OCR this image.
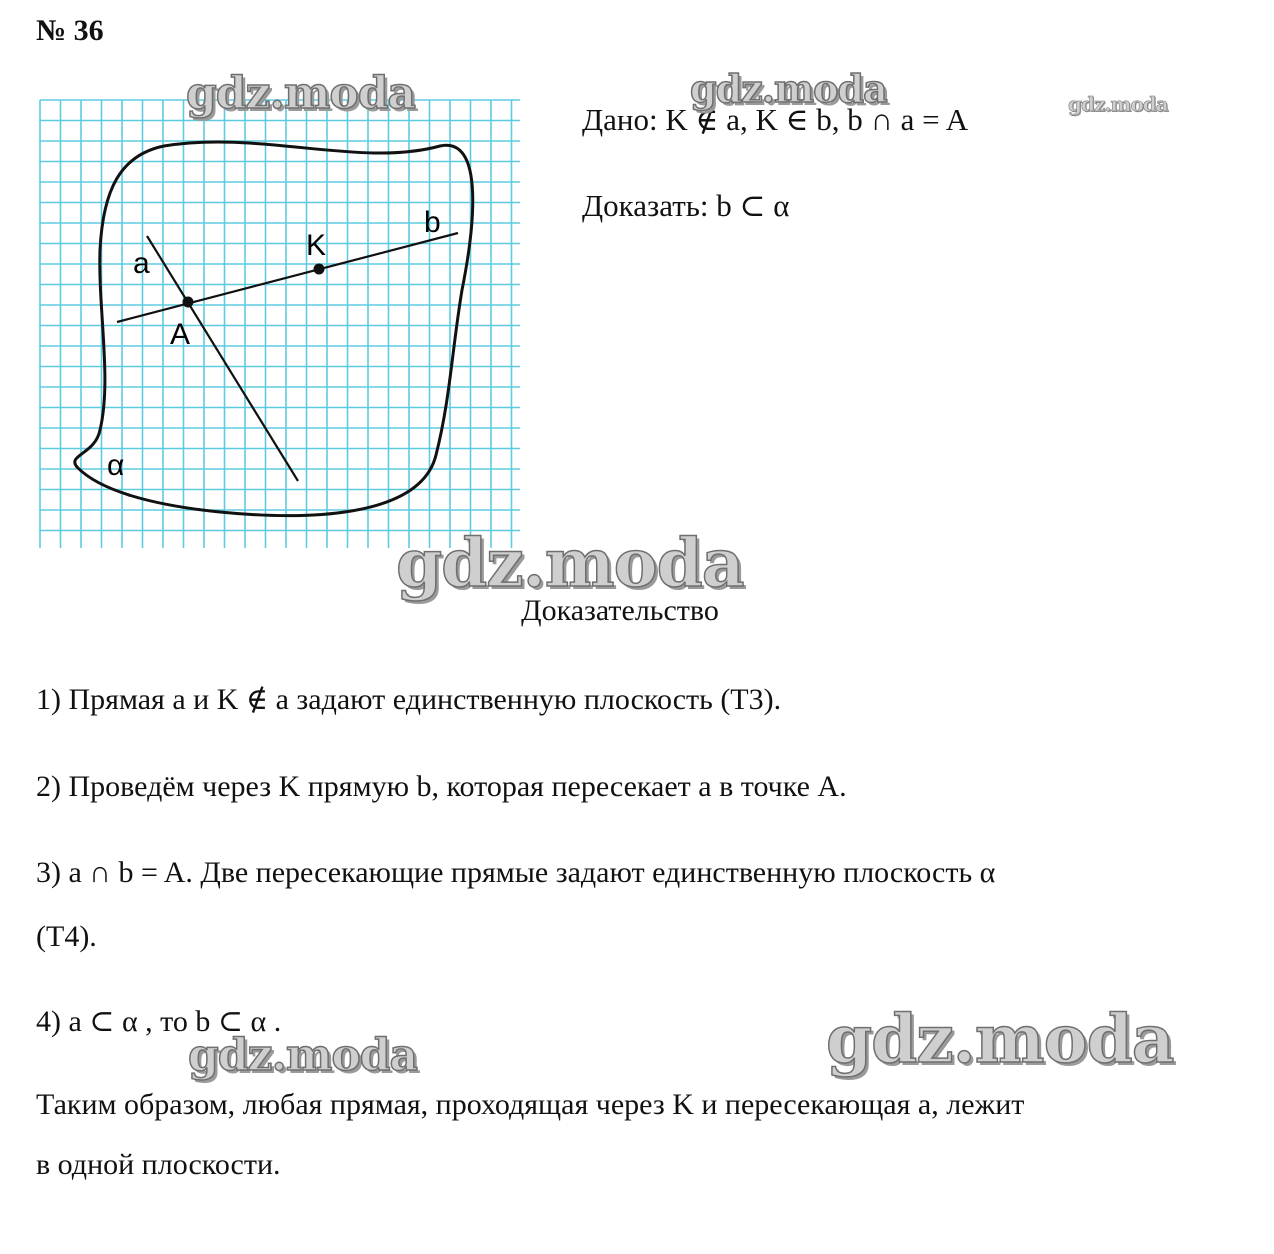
№ 36
a
b
K
A
α
Дано: K ∉ a, K ∈ b, b ∩ a = A
Доказать: b ⊂ α
Доказательство
1) Прямая a и K ∉ a задают единственную плоскость (Т3).
2) Проведём через K прямую b, которая пересекает a в точке A.
3) a ∩ b = A. Две пересекающие прямые задают единственную плоскость α
(Т4).
4) a ⊂ α , то b ⊂ α .
Таким образом, любая прямая, проходящая через K и пересекающая a, лежит
в одной плоскости.
gdz.moda	gdz.moda	gdz.moda
gdz.moda
gdz.moda
gdz.moda
